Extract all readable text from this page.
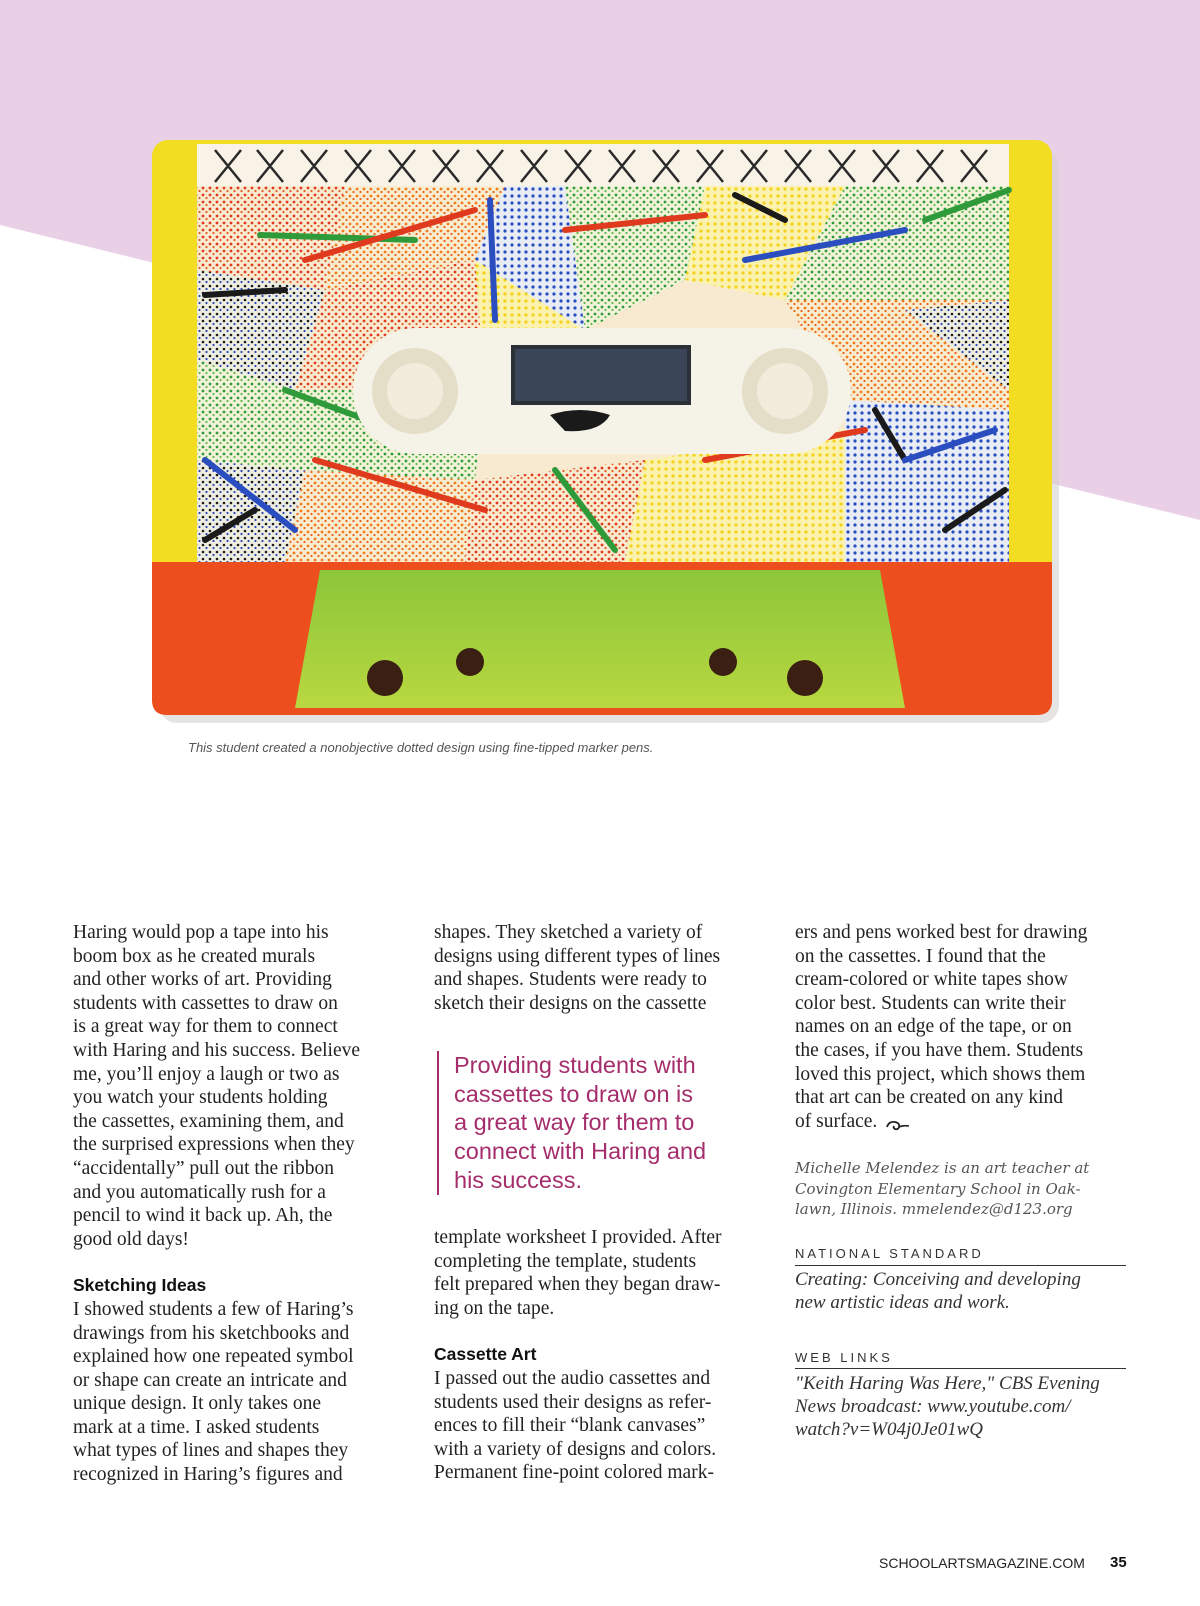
This student created a nonobjective dotted design using fine-tipped marker pens.

Haring would pop a tape into his
boom box as he created murals
and other works of art. Providing
students with cassettes to draw on
is a great way for them to connect
with Haring and his success. Believe
me, you’ll enjoy a laugh or two as
you watch your students holding
the cassettes, examining them, and
the surprised expressions when they
“accidentally” pull out the ribbon
and you automatically rush for a
pencil to wind it back up. Ah, the
good old days!

Sketching Ideas

I showed students a few of Haring’s
drawings from his sketchbooks and
explained how one repeated symbol
or shape can create an intricate and
unique design. It only takes one
mark at a time. I asked students
what types of lines and shapes they
recognized in Haring’s figures and

shapes. They sketched a variety of
designs using different types of lines
and shapes. Students were ready to
sketch their designs on the cassette

Providing students with
cassettes to draw on is
a great way for them to
connect with Haring and
his success.

template worksheet I provided. After
completing the template, students
felt prepared when they began draw-
ing on the tape.

Cassette Art

I passed out the audio cassettes and
students used their designs as refer-
ences to fill their “blank canvases”
with a variety of designs and colors.
Permanent fine-point colored mark-

ers and pens worked best for drawing
on the cassettes. I found that the
cream-colored or white tapes show
color best. Students can write their
names on an edge of the tape, or on
the cases, if you have them. Students
loved this project, which shows them
that art can be created on any kind
of surface.

Michelle Melendez is an art teacher at
Covington Elementary School in Oak-
lawn, Illinois. mmelendez@d123.org
NATIONAL STANDARD
Creating: Conceiving and developing
new artistic ideas and work.
WEB LINKS
"Keith Haring Was Here," CBS Evening
News broadcast: www.youtube.com/
watch?v=W04j0Je01wQ
SCHOOLARTSMAGAZINE.COM 35
